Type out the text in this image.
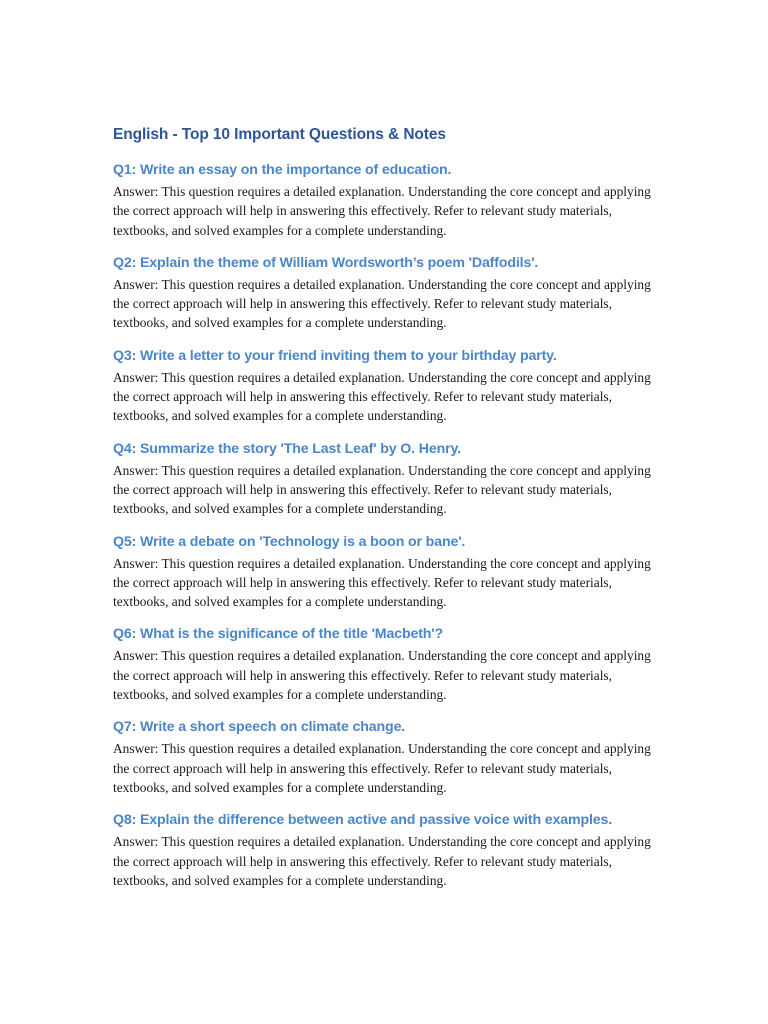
English - Top 10 Important Questions & Notes
Q1: Write an essay on the importance of education.

Answer: This question requires a detailed explanation. Understanding the core concept and applying the correct approach will help in answering this effectively. Refer to relevant study materials, textbooks, and solved examples for a complete understanding.

Q2: Explain the theme of William Wordsworth’s poem 'Daffodils'.

Answer: This question requires a detailed explanation. Understanding the core concept and applying the correct approach will help in answering this effectively. Refer to relevant study materials, textbooks, and solved examples for a complete understanding.

Q3: Write a letter to your friend inviting them to your birthday party.

Answer: This question requires a detailed explanation. Understanding the core concept and applying the correct approach will help in answering this effectively. Refer to relevant study materials, textbooks, and solved examples for a complete understanding.

Q4: Summarize the story 'The Last Leaf' by O. Henry.

Answer: This question requires a detailed explanation. Understanding the core concept and applying the correct approach will help in answering this effectively. Refer to relevant study materials, textbooks, and solved examples for a complete understanding.

Q5: Write a debate on 'Technology is a boon or bane'.

Answer: This question requires a detailed explanation. Understanding the core concept and applying the correct approach will help in answering this effectively. Refer to relevant study materials, textbooks, and solved examples for a complete understanding.

Q6: What is the significance of the title 'Macbeth'?

Answer: This question requires a detailed explanation. Understanding the core concept and applying the correct approach will help in answering this effectively. Refer to relevant study materials, textbooks, and solved examples for a complete understanding.

Q7: Write a short speech on climate change.

Answer: This question requires a detailed explanation. Understanding the core concept and applying the correct approach will help in answering this effectively. Refer to relevant study materials, textbooks, and solved examples for a complete understanding.

Q8: Explain the difference between active and passive voice with examples.

Answer: This question requires a detailed explanation. Understanding the core concept and applying the correct approach will help in answering this effectively. Refer to relevant study materials, textbooks, and solved examples for a complete understanding.
